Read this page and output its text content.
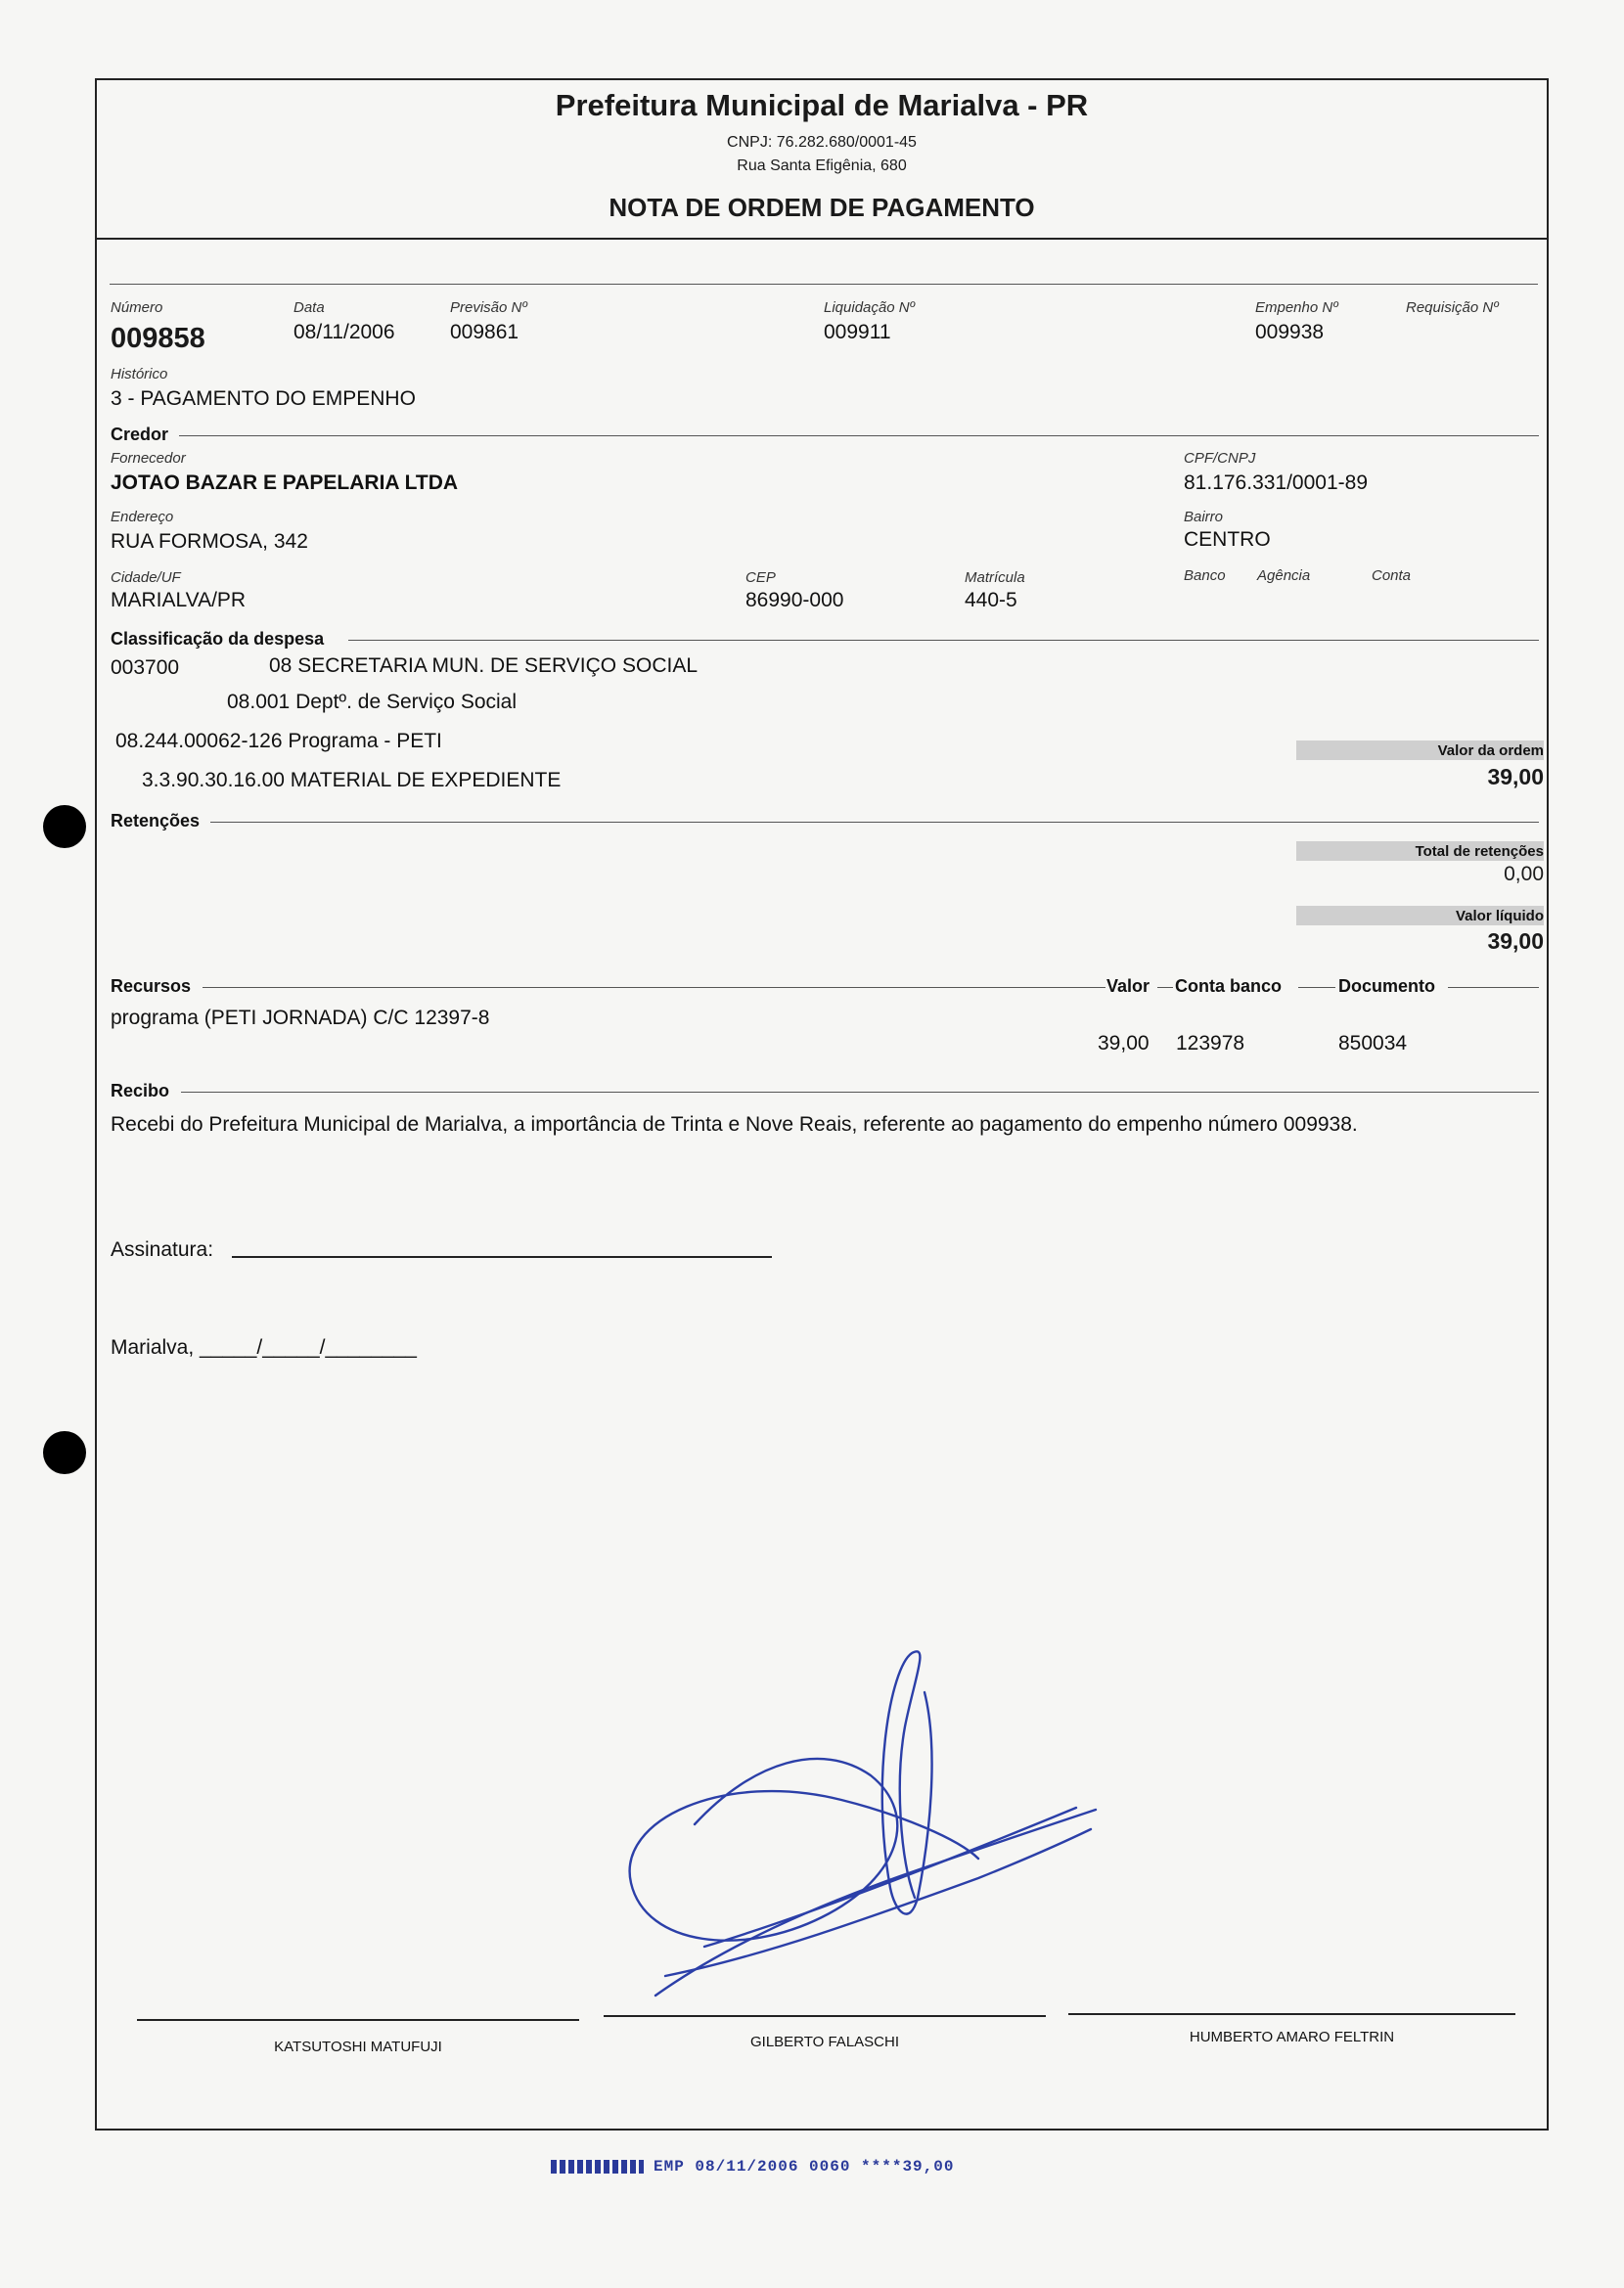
Prefeitura Municipal de Marialva - PR
CNPJ: 76.282.680/0001-45
Rua Santa Efigênia, 680
NOTA DE ORDEM DE PAGAMENTO
Número
009858
Data
08/11/2006
Previsão Nº
009861
Liquidação Nº
009911
Empenho Nº
009938
Requisição Nº
Histórico
3 - PAGAMENTO DO EMPENHO
Credor
Fornecedor
JOTAO BAZAR E PAPELARIA LTDA
CPF/CNPJ
81.176.331/0001-89
Endereço
RUA FORMOSA, 342
Bairro
CENTRO
Cidade/UF
MARIALVA/PR
CEP
86990-000
Matrícula
440-5
Banco Agência	Conta
Classificação da despesa
003700	08 SECRETARIA MUN. DE SERVIÇO SOCIAL
08.001 Deptº. de Serviço Social
08.244.00062-126 Programa - PETI
3.3.90.30.16.00 MATERIAL DE EXPEDIENTE
Valor da ordem
39,00
Retenções
Total de retenções
0,00
Valor líquido
39,00
Recursos	Valor Conta banco	Documento
programa (PETI JORNADA) C/C 12397-8
39,00 123978	850034
Recibo
Recebi do Prefeitura Municipal de Marialva, a importância de Trinta e Nove Reais, referente ao pagamento do empenho número 009938.
Assinatura:
Marialva, _____/_____/________
KATSUTOSHI MATUFUJI	GILBERTO FALASCHI	HUMBERTO AMARO FELTRIN
EMP 08/11/2006 0060 ****39,00
